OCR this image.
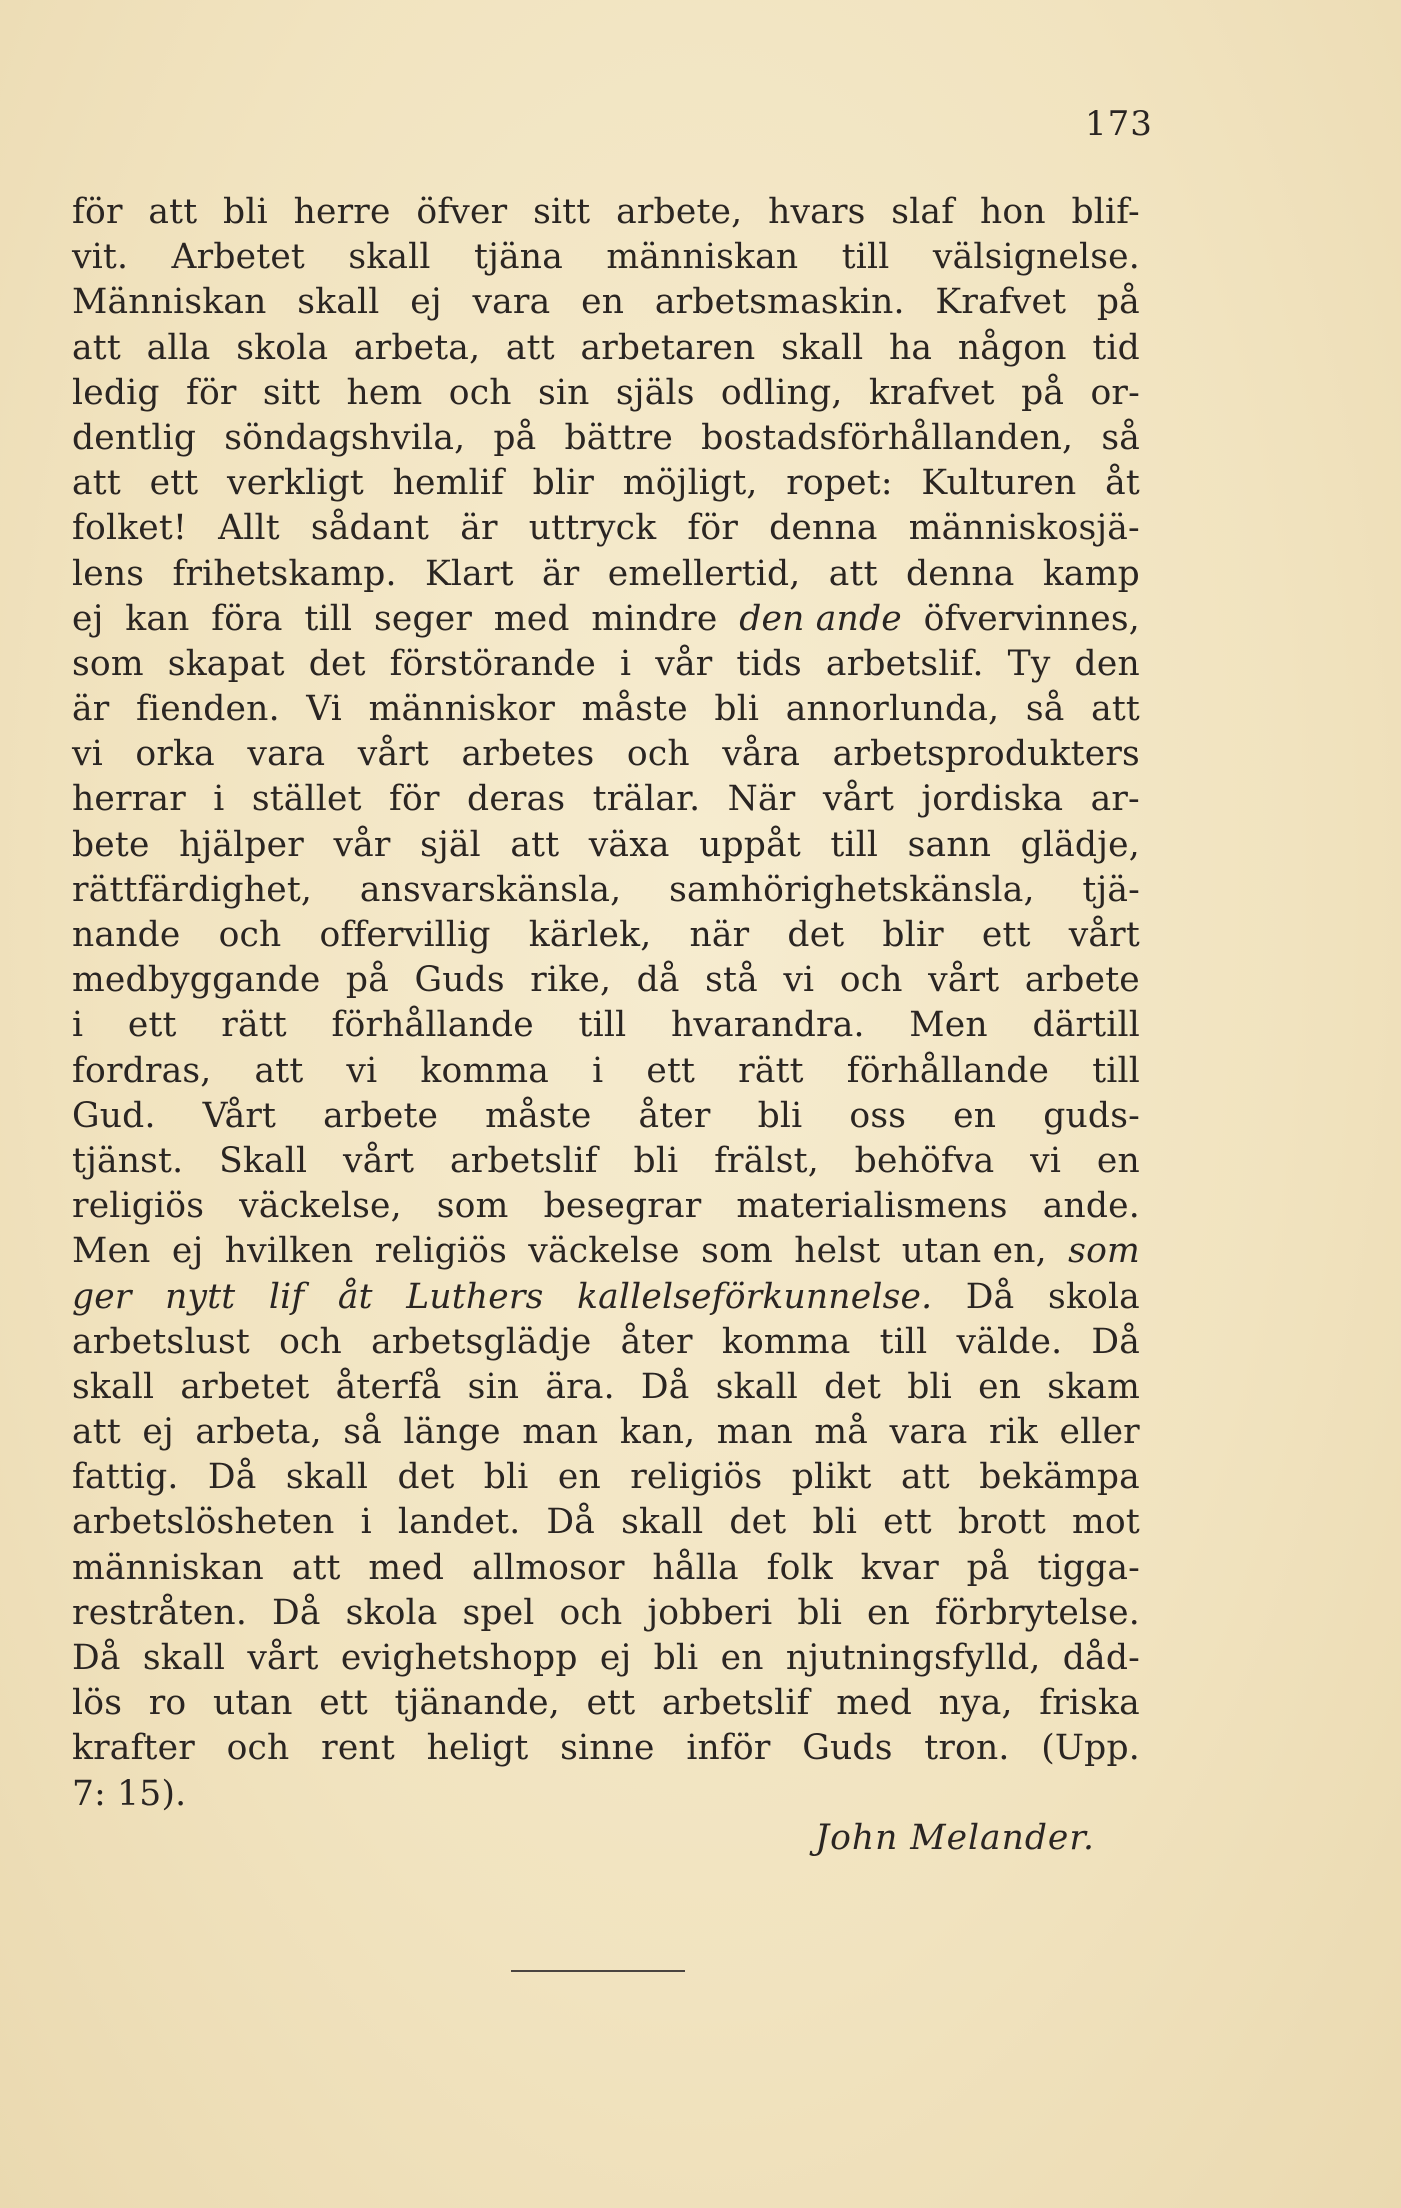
173
för att bli herre öfver sitt arbete, hvars slaf hon blif-
vit. Arbetet skall tjäna människan till välsignelse.
Människan skall ej vara en arbetsmaskin. Krafvet på
att alla skola arbeta, att arbetaren skall ha någon tid
ledig för sitt hem och sin själs odling, krafvet på or-
dentlig söndagshvila, på bättre bostadsförhållanden, så
att ett verkligt hemlif blir möjligt, ropet: Kulturen åt
folket! Allt sådant är uttryck för denna människosjä-
lens frihetskamp. Klart är emellertid, att denna kamp
ej kan föra till seger med mindre den ande öfvervinnes,
som skapat det förstörande i vår tids arbetslif. Ty den
är fienden. Vi människor måste bli annorlunda, så att
vi orka vara vårt arbetes och våra arbetsprodukters
herrar i stället för deras trälar. När vårt jordiska ar-
bete hjälper vår själ att växa uppåt till sann glädje,
rättfärdighet, ansvarskänsla, samhörighetskänsla, tjä-
nande och offervillig kärlek, när det blir ett vårt
medbyggande på Guds rike, då stå vi och vårt arbete
i ett rätt förhållande till hvarandra. Men därtill
fordras, att vi komma i ett rätt förhållande till
Gud. Vårt arbete måste åter bli oss en guds-
tjänst. Skall vårt arbetslif bli frälst, behöfva vi en
religiös väckelse, som besegrar materialismens ande.
Men ej hvilken religiös väckelse som helst utan en, som
ger nytt lif åt Luthers kallelseförkunnelse. Då skola
arbetslust och arbetsglädje åter komma till välde. Då
skall arbetet återfå sin ära. Då skall det bli en skam
att ej arbeta, så länge man kan, man må vara rik eller
fattig. Då skall det bli en religiös plikt att bekämpa
arbetslösheten i landet. Då skall det bli ett brott mot
människan att med allmosor hålla folk kvar på tigga-
restråten. Då skola spel och jobberi bli en förbrytelse.
Då skall vårt evighetshopp ej bli en njutningsfylld, dåd-
lös ro utan ett tjänande, ett arbetslif med nya, friska
krafter och rent heligt sinne inför Guds tron. (Upp.
7: 15).
John Melander.
